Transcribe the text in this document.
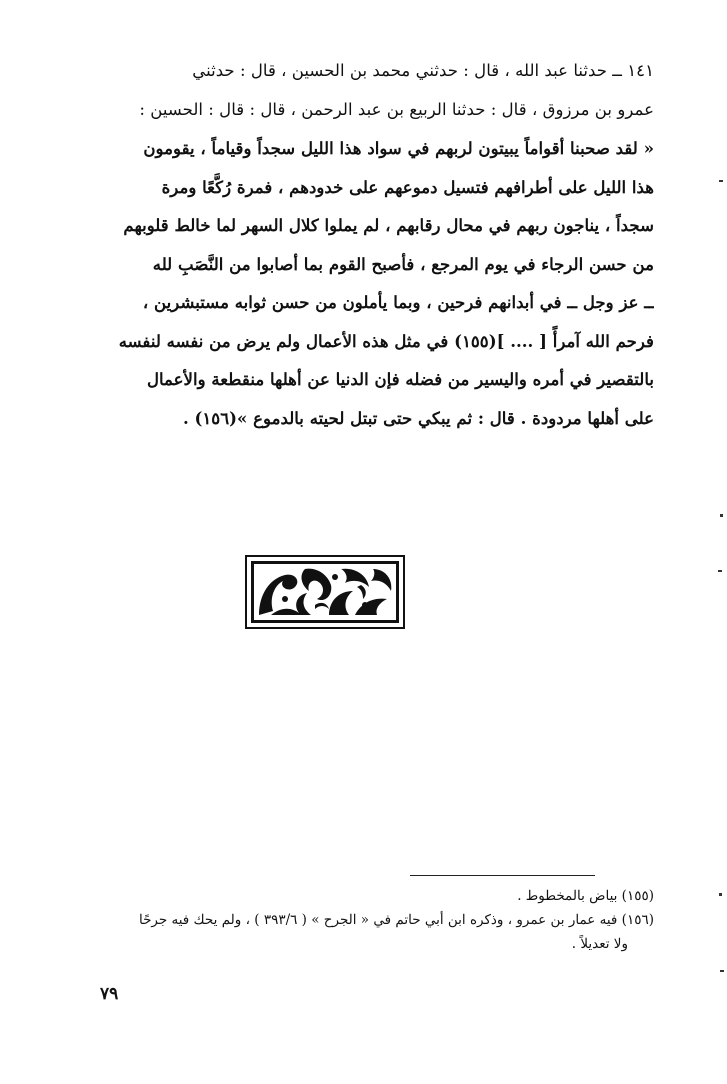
١٤١ ــ حدثنا عبد الله ، قال : حدثني محمد بن الحسين ، قال : حدثني
عمرو بن مرزوق ، قال : حدثنا الربيع بن عبد الرحمن ، قال : قال : الحسين :
« لقد صحبنا أقواماً يبيتون لربهم في سواد هذا الليل سجداً وقياماً ، يقومون
هذا الليل على أطرافهم فتسيل دموعهم على خدودهم ، فمرة رُكَّعًا ومرة
سجداً ، يناجون ربهم في محال رقابهم ، لم يملوا كلال السهر لما خالط قلوبهم
من حسن الرجاء في يوم المرجع ، فأصبح القوم بما أصابوا من النَّصَبِ لله
ــ عز وجل ــ في أبدانهم فرحين ، وبما يأملون من حسن ثوابه مستبشرين ،
فرحم الله آمرأً [ .... ](١٥٥) في مثل هذه الأعمال ولم يرض من نفسه لنفسه
بالتقصير في أمره واليسير من فضله فإن الدنيا عن أهلها منقطعة والأعمال
على أهلها مردودة . قال : ثم يبكي حتى تبتل لحيته بالدموع »(١٥٦) .
(١٥٥) بياض بالمخطوط .
(١٥٦) فيه عمار بن عمرو ، وذكره ابن أبي حاتم في « الجرح » ( ٣٩٣/٦ ) ، ولم يحك فيه جرحًا
ولا تعديلاً .
٧٩
